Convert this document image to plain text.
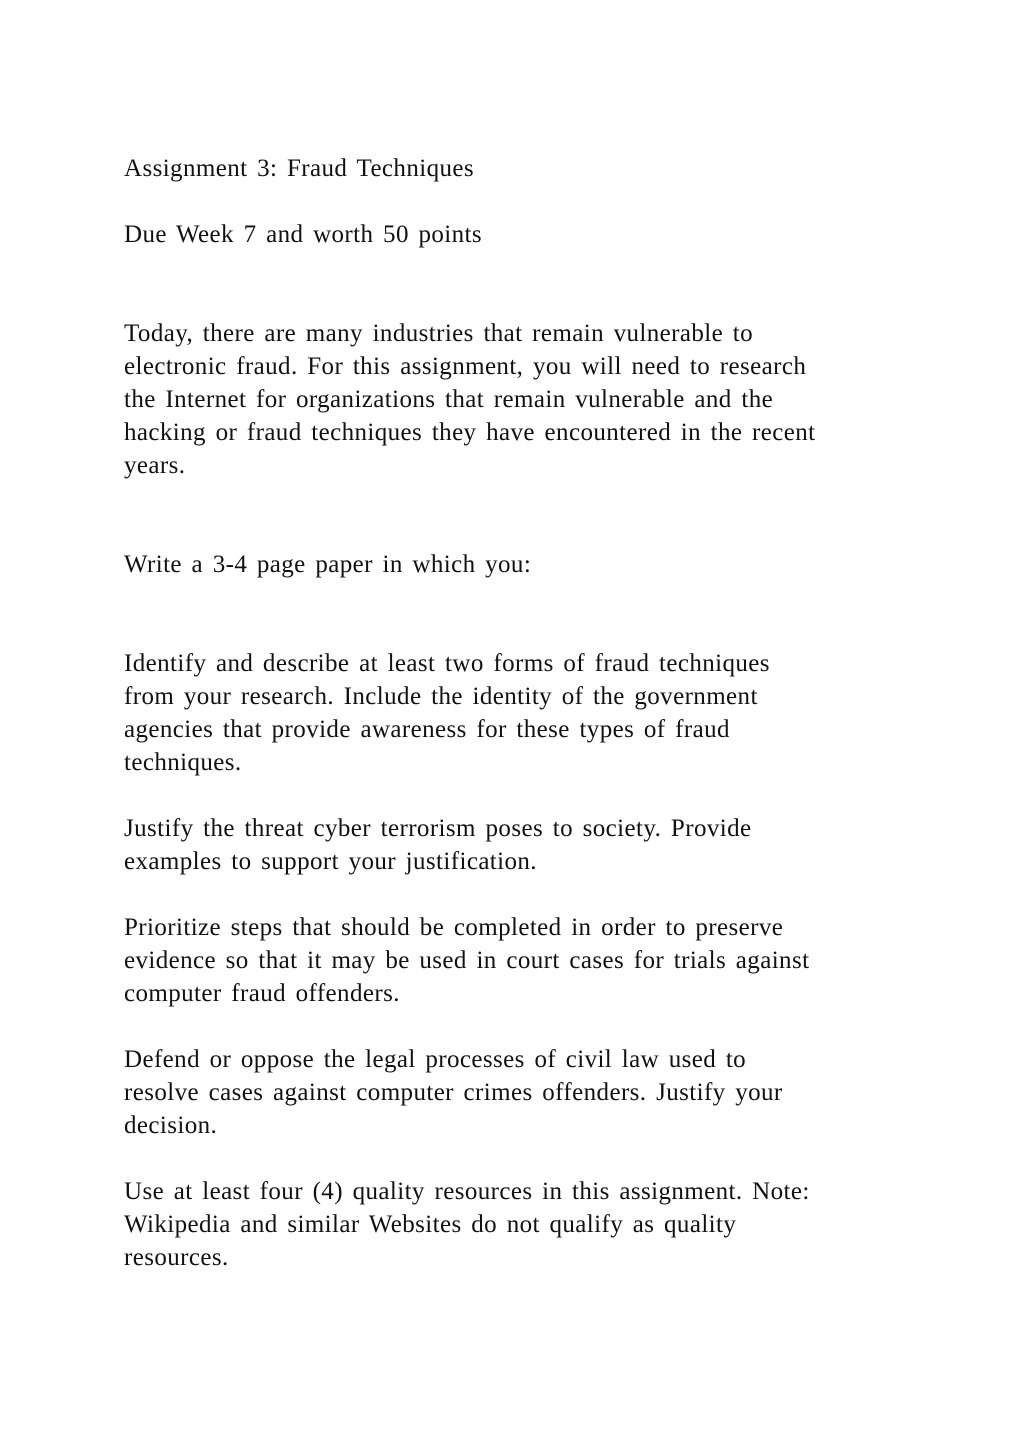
Assignment 3: Fraud Techniques

Due Week 7 and worth 50 points

Today, there are many industries that remain vulnerable to
electronic fraud. For this assignment, you will need to research
the Internet for organizations that remain vulnerable and the
hacking or fraud techniques they have encountered in the recent
years.

Write a 3-4 page paper in which you:

Identify and describe at least two forms of fraud techniques
from your research. Include the identity of the government
agencies that provide awareness for these types of fraud
techniques.

Justify the threat cyber terrorism poses to society. Provide
examples to support your justification.

Prioritize steps that should be completed in order to preserve
evidence so that it may be used in court cases for trials against
computer fraud offenders.

Defend or oppose the legal processes of civil law used to
resolve cases against computer crimes offenders. Justify your
decision.

Use at least four (4) quality resources in this assignment. Note:
Wikipedia and similar Websites do not qualify as quality
resources.
